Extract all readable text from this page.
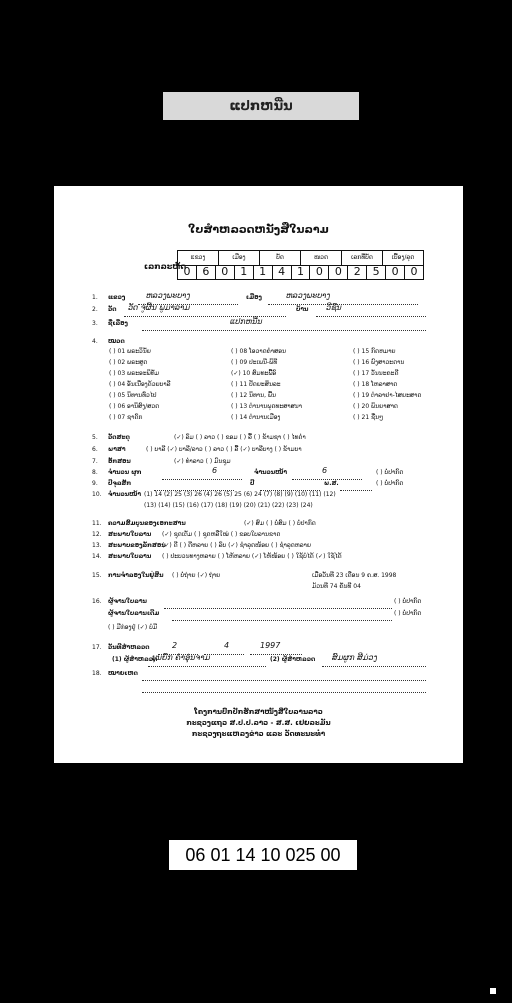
ແປກຫນີ່ນ
ໃບສຳຫລວດຫນັງສືໃນລາມ
ເລກລະຫັດ
ແຂວງ	ເມືອງ	ບັດ	ໜວດ	ເລກທີ່ບັດ	ເບື້ອງ/ລຸດ
0	6	0	1	1	4	1	0	0	2	5	0	0
1. ແຂວງ	ຫລວງພະບາງ	ເມືອງ	ຫລວງພະບາງ
2. ວັດ ວັດ ຈູ່ຜິ້ນ ພູມາລາມ	ບ້ານ ວິຊົນ
3. ຊື່ເລື່ອງ	ແປກຫນີ່ນ
4. ໝວດ
( ) 01 ພຣະວິນັຍ
( ) 02 ພຣະສູດ
( ) 03 ພຣະອະພິທັມ
( ) 04 ອັນເນື່ອງດ້ວຍບາລີ
( ) 05 ນິທານທົ່ວໄປ
( ) 06 ອານິສົງ/ສວດ
( ) 07 ຊາດົກ
( ) 08 ໂອວາດຄຳສອນ
( ) 09 ປະເພນີ-ພິທີ
(✓) 10 ສົມທະພື້ອົ
( ) 11 ປັດຍະສິນລະ
( ) 12 ນິທານ, ພື້ນ
( ) 13 ຕຳນານພຸດທະສາສນາ
( ) 14 ຕຳນານເມືອງ
( ) 15 ກົດຫມາຍ
( ) 16 ພົງສາວະດານ
( ) 17 ວັນນະຄະດີ
( ) 18 ໂຫລາສາດ
( ) 19 ຕຳລາຢາ-ໄສຍະສາດ
( ) 20 ພິນຍາສາດ
( ) 21 ຊື່ນໆ
5. ວັດສະດຸ	(✓) ລົມ ( ) ລາວ ( ) ຂອມ ( ) ລື້ ( ) ຂ້າມຊາ ( ) ໄທດຳ
6. ພາສາ	( ) ບາລີ (✓) ບາລີ/ລາວ ( ) ລາວ ( ) ລື້ (✓) ບາລີບາງ ( ) ຂ້າມບາ
7. ອັກສອນ	(✓) ທຳລາວ ( ) ມົນຊຸມ
8. ຈຳນວນ ຜູກ	6	ຈຳນວນໜ້າ	6	( ) ບໍ່ປາກົດ
9. ປີຈຸລສັກ	ປີ	ພ.ສ.	( ) ບໍ່ປາກົດ
10. ຈຳນວນໜ້າ (1) 14 (2) 25 (3) 26 (4) 26 (5) 25 (6) 24 (7) (8) (9) (10) (11) (12)
(13) (14) (15) (16) (17) (18) (19) (20) (21) (22) (23) (24)
11. ຄວາມສົມບູນຂອງເອກະສານ	(✓) ສົມ ( ) ບໍ່ສົມ ( ) ບໍ່ປາກົດ
12. ສະພາບໃບລານ (✓) ຊຸດເຕັມ ( ) ຊຸດຫລືໃໝ່ ( ) ຂອບໃບລານຂາດ
13. ສະພາບຂອງລັກສອນ
(✓) ດີ ( ) ດີຫລາຍ ( ) ລົບ (✓) ຊຳລຸດໜ້ອຍ ( ) ຊຳລຸດຫລາຍ
14. ສະພາບໃບລານ ( ) ປະບວນທາງຫລາຍ ( ) ໂຫ້ຫລາຍ (✓) ໂຫ້ໜ້ອຍ ( ) ໃຊ້ບໍ່ໄດ້ (✓) ໃຊ້ໄດ້
15. ການຈຳລອງໃນຢູ່ສິນ ( ) ບໍ່ຖ່າຍ (✓) ຖ່າຍ	ເມື່ອວັນທີ 23 ເດືອນ 9 ຄ.ສ. 1998
ມ້ວນທີ 74 ຄັນທີ 04
16. ຜູ້ຈານໃບລານ	( ) ບໍ່ປາກົດ
ຜູ້ຈານໃບລານເດີມ	( ) ບໍ່ປາກົດ
( ) ມີກ່ອງຢູ່ (✓) ບໍ່ມີ
17. ວັນທີສຳຫລວດ	2	4	1997
(1) ຜູ້ສຳຫລວດ
ບຸນຍົກ ຄຳອຸ່ນຈາມ	(2) ຜູ້ສຳຫລວດ ສົມຜູກ ສີມ່ວງ
18. ໝາຍເຫດ
ໂຄງການປົກປັກຮັກສາໜັງສືໃບລານລາວ
ກະຊວງແຖວ ສ.ປ.ປ.ລາວ - ສ.ສ. ເຢຍລະມັນ
ກະຊວງຖະແຫລງຂ່າວ ແລະ ວັດທະນະທຳ
06 01 14 10 025 00
